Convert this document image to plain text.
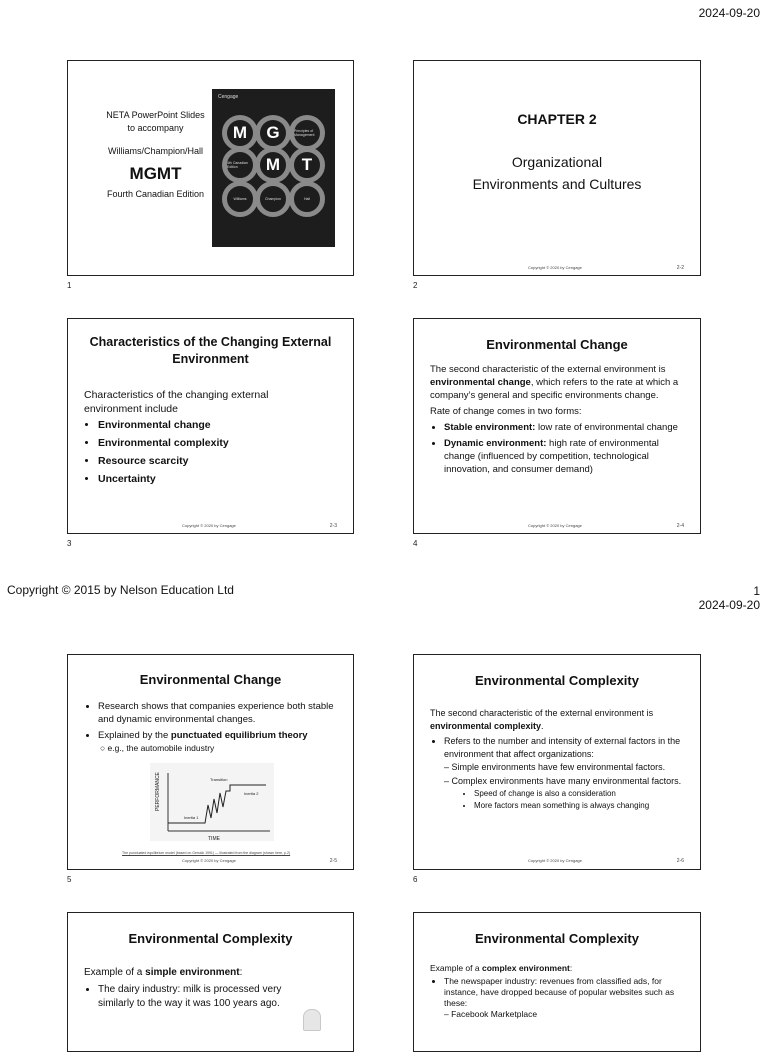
2024-09-20
NETA PowerPoint Slides
to accompany
Williams/Champion/Hall
MGMT
Fourth Canadian Edition
Cengage
M	G	Principles of Management
4th Canadian Edition	M	T
Williams	Champion	Hall
1
CHAPTER 2
Organizational
Environments and Cultures
Copyright © 2020 by Cengage	2-2
2
Characteristics of the Changing External
Environment
Characteristics of the changing external environment include
• Environmental change
• Environmental complexity
• Resource scarcity
• Uncertainty
Copyright © 2020 by Cengage	2-3
3
Environmental Change
The second characteristic of the external environment is environmental change, which refers to the rate at which a company’s general and specific environments change.
Rate of change comes in two forms:
• Stable environment: low rate of environmental change
• Dynamic environment: high rate of environmental change (influenced by competition, technological innovation, and consumer demand)
Copyright © 2020 by Cengage	2-4
4
Copyright © 2015 by Nelson Education Ltd	1
2024-09-20
Environmental Change
• Research shows that companies experience both stable and dynamic environmental changes.
• Explained by the punctuated equilibrium theory
○ e.g., the automobile industry
PERFORMANCE
TIME
Transition
Inertia 1
Inertia 2
The punctuated equilibrium model (based on Gersick 1991) — illustrated from the diagram (shown here, p.2)
Copyright © 2020 by Cengage	2-5
5
Environmental Complexity
The second characteristic of the external environment is environmental complexity.
• Refers to the number and intensity of external factors in the environment that affect organizations:
– Simple environments have few environmental factors.
– Complex environments have many environmental factors.
• Speed of change is also a consideration
• More factors mean something is always changing
Copyright © 2020 by Cengage	2-6
6
Environmental Complexity
Example of a simple environment:
• The dairy industry: milk is processed very similarly to the way it was 100 years ago.
Environmental Complexity
Example of a complex environment:
• The newspaper industry: revenues from classified ads, for instance, have dropped because of popular websites such as these:
– Facebook Marketplace
